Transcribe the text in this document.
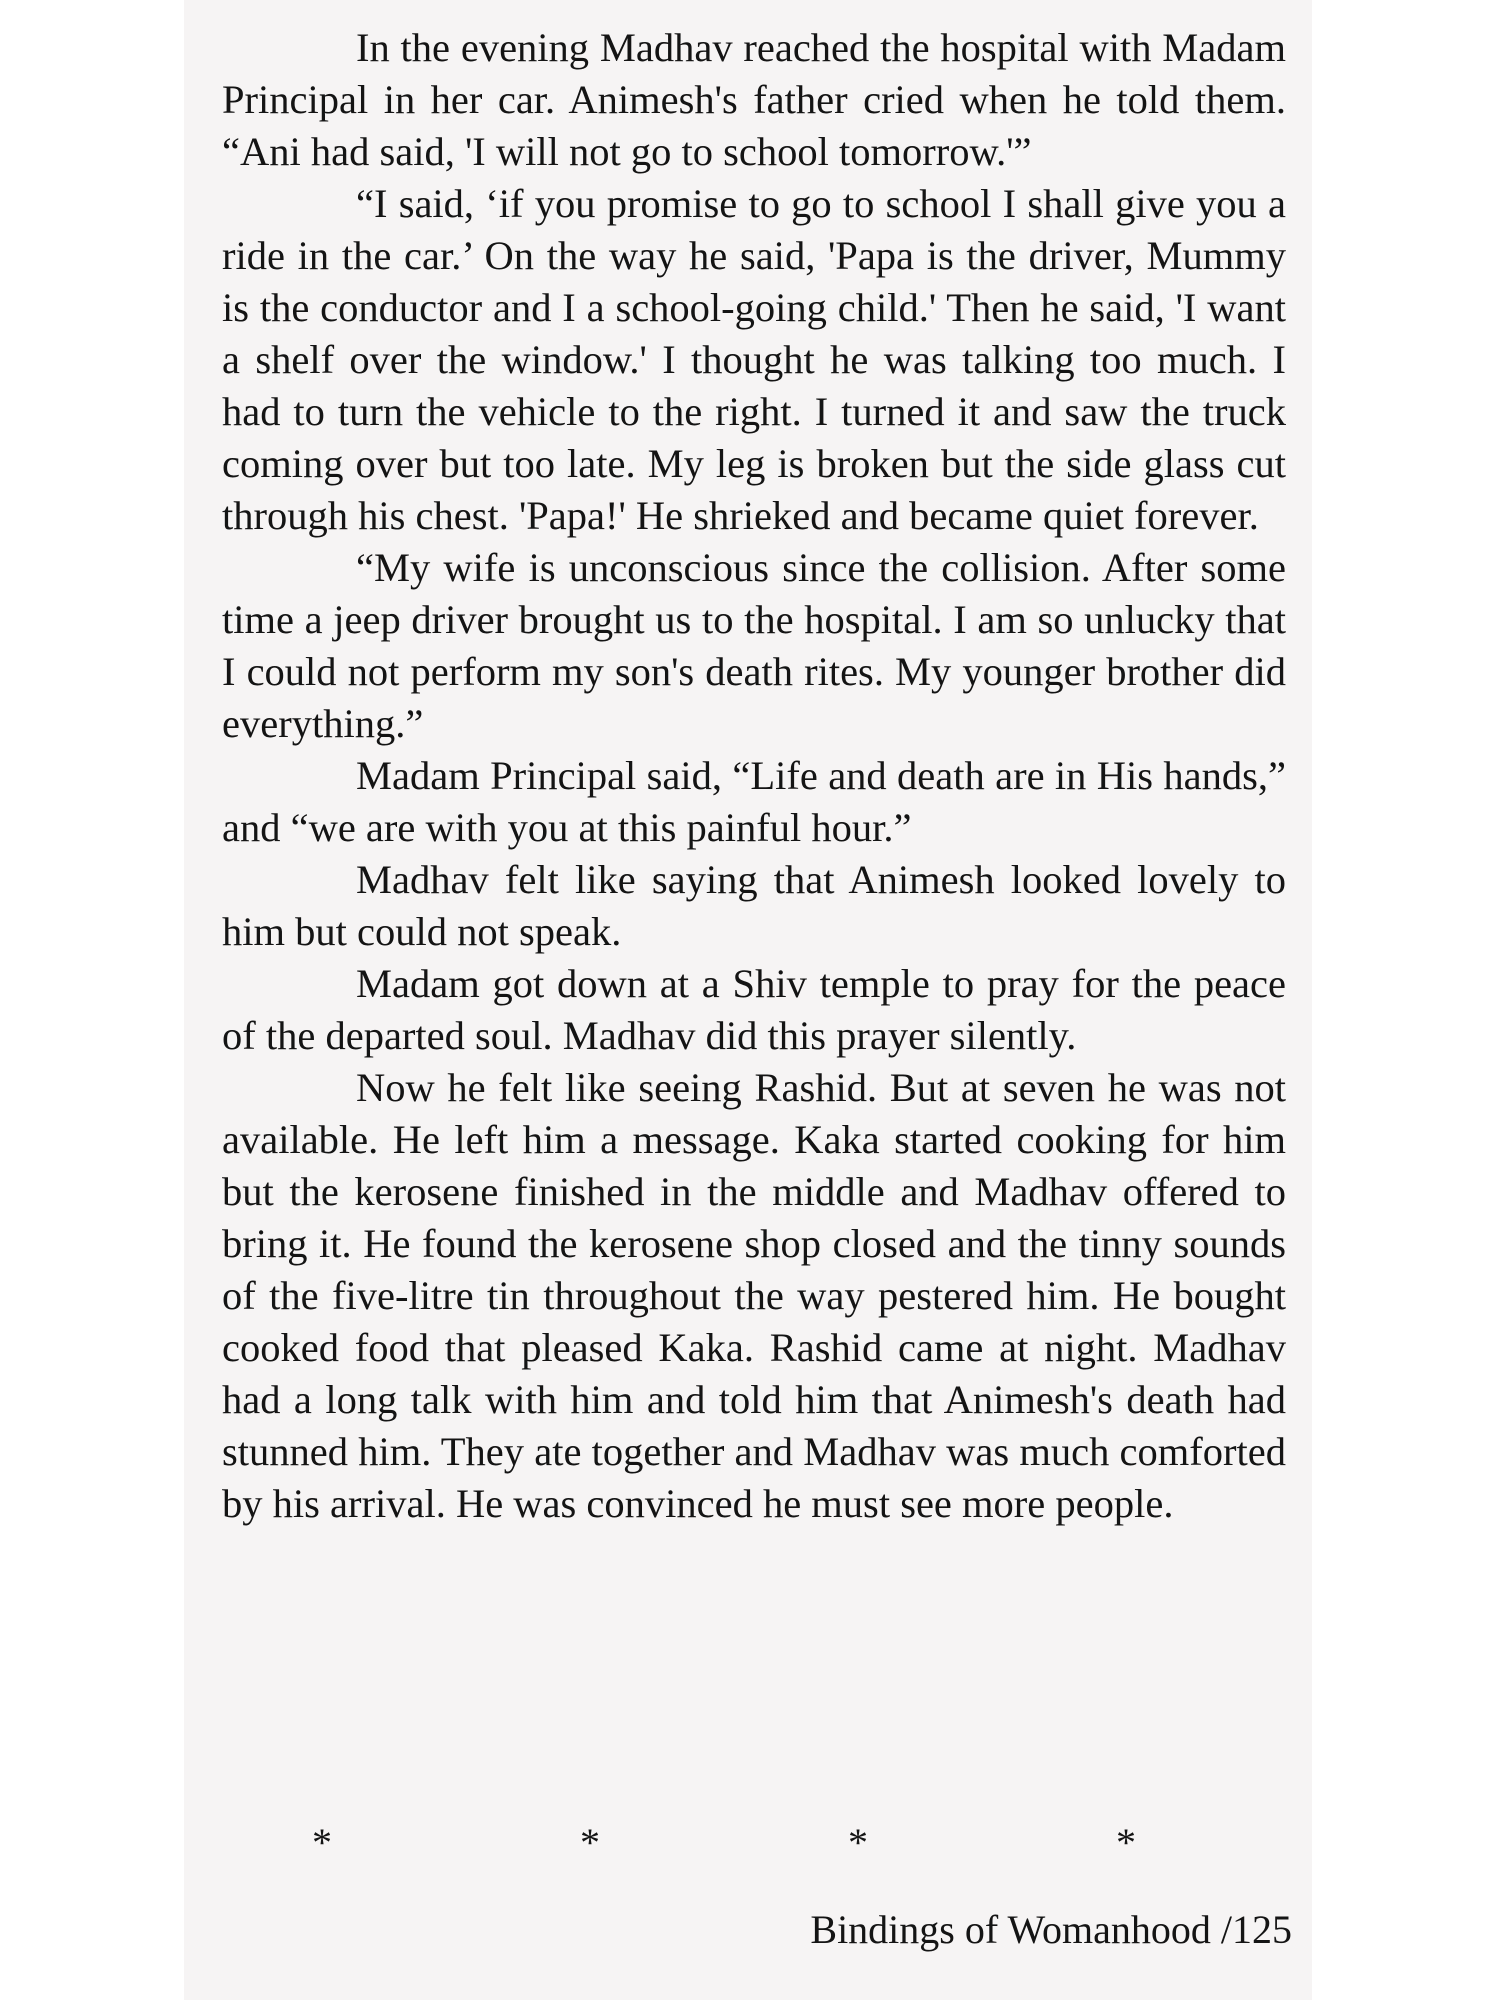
In the evening Madhav reached the hospital with Madam Principal in her car. Animesh's father cried when he told them. “Ani had said, 'I will not go to school tomorrow.'”

“I said, ‘if you promise to go to school I shall give you a ride in the car.’ On the way he said, 'Papa is the driver, Mummy is the conductor and I a school-going child.' Then he said, 'I want a shelf over the window.' I thought he was talking too much. I had to turn the vehicle to the right. I turned it and saw the truck coming over but too late. My leg is broken but the side glass cut through his chest. 'Papa!' He shrieked and became quiet forever.

“My wife is unconscious since the collision. After some time a jeep driver brought us to the hospital. I am so unlucky that I could not perform my son's death rites. My younger brother did everything.”

Madam Principal said, “Life and death are in His hands,” and “we are with you at this painful hour.”

Madhav felt like saying that Animesh looked lovely to him but could not speak.

Madam got down at a Shiv temple to pray for the peace of the departed soul. Madhav did this prayer silently.

Now he felt like seeing Rashid. But at seven he was not available. He left him a message. Kaka started cooking for him but the kerosene finished in the middle and Madhav offered to bring it. He found the kerosene shop closed and the tinny sounds of the five-litre tin throughout the way pestered him. He bought cooked food that pleased Kaka. Rashid came at night. Madhav had a long talk with him and told him that Animesh's death had stunned him. They ate together and Madhav was much comforted by his arrival. He was convinced he must see more people.

*	*	*	*
Bindings of Womanhood /125
